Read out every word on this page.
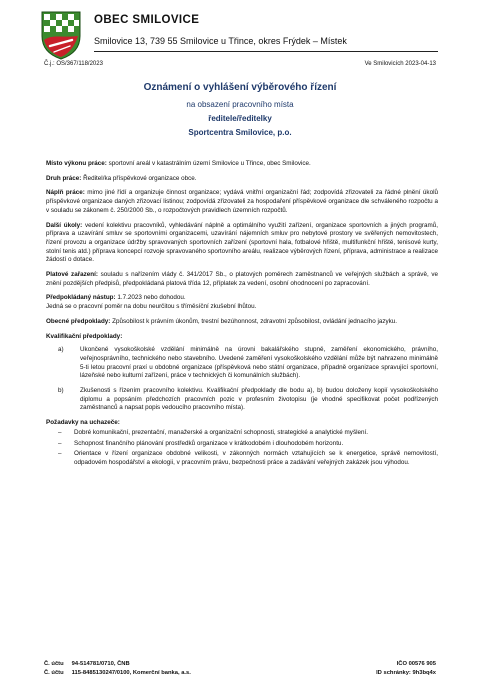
OBEC SMILOVICE
Smilovice 13, 739 55 Smilovice u Třince, okres Frýdek – Místek
Č.j.: OS/367/118/2023	Ve Smilovicích 2023-04-13
Oznámení o vyhlášení výběrového řízení
na obsazení pracovního místa
ředitele/ředitelky
Sportcentra Smilovice, p.o.

Místo výkonu práce: sportovní areál v katastrálním území Smilovice u Třince, obec Smilovice.

Druh práce: Ředitel/ka příspěvkové organizace obce.

Náplň práce: mimo jiné řídí a organizuje činnost organizace; vydává vnitřní organizační řád; zodpovídá zřizovateli za řádné plnění úkolů příspěvkové organizace daných zřizovací listinou; zodpovídá zřizovateli za hospodaření příspěvkové organizace dle schváleného rozpočtu a v souladu se zákonem č. 250/2000 Sb., o rozpočtových pravidlech územních rozpočtů.

Další úkoly: vedení kolektivu pracovníků, vyhledávání náplně a optimálního využití zařízení, organizace sportovních a jiných programů, příprava a uzavírání smluv se sportovními organizacemi, uzavírání nájemních smluv pro nebytové prostory ve svěřených nemovitostech, řízení provozu a organizace údržby spravovaných sportovních zařízení (sportovní hala, fotbalové hřiště, multifunkční hřiště, tenisové kurty, stolní tenis atd.) příprava koncepcí rozvoje spravovaného sportovního areálu, realizace výběrových řízení, příprava, administrace a realizace žádostí o dotace.

Platové zařazení: souladu s nařízením vlády č. 341/2017 Sb., o platových poměrech zaměstnanců ve veřejných službách a správě, ve znění pozdějších předpisů, předpokládaná platová třída 12, příplatek za vedení, osobní ohodnocení po zapracování.

Předpokládaný nástup: 1.7.2023 nebo dohodou.
Jedná se o pracovní poměr na dobu neurčitou s tříměsíční zkušební lhůtou.

Obecné předpoklady: Způsobilost k právním úkonům, trestní bezúhonnost, zdravotní způsobilost, ovládání jednacího jazyku.

Kvalifikační předpoklady:
a)	Ukončené vysokoškolské vzdělání minimálně na úrovni bakalářského stupně, zaměření ekonomického, právního, veřejnosprávního, technického nebo stavebního. Uvedené zaměření vysokoškolského vzdělání může být nahrazeno minimálně 5-ti letou pracovní praxí u obdobné organizace (příspěvková nebo státní organizace, případně organizace spravující sportovní, lázeňské nebo kulturní zařízení, práce v technických či komunálních službách).
b)	Zkušenosti s řízením pracovního kolektivu. Kvalifikační předpoklady dle bodu a), b) budou doloženy kopií vysokoškolského diplomu a popsáním předchozích pracovních pozic v profesním životopisu (je vhodné specifikovat počet podřízených zaměstnanců a napsat popis vedoucího pracovního místa).
Požadavky na uchazeče:
–	Dobré komunikační, prezentační, manažerské a organizační schopnosti, strategické a analytické myšlení.
–	Schopnost finančního plánování prostředků organizace v krátkodobém i dlouhodobém horizontu.
–	Orientace v řízení organizace obdobné velikosti, v zákonných normách vztahujících se k energetice, správě nemovitostí, odpadovém hospodářství a ekologii, v pracovním právu, bezpečnosti práce a zadávání veřejných zakázek jsou výhodou.
Č. účtu 94-514781/0710, ČNB
Č. účtu 115-8485130247/0100, Komerční banka, a.s.
IČO 00576 905
ID schránky: 9h3bq4x
